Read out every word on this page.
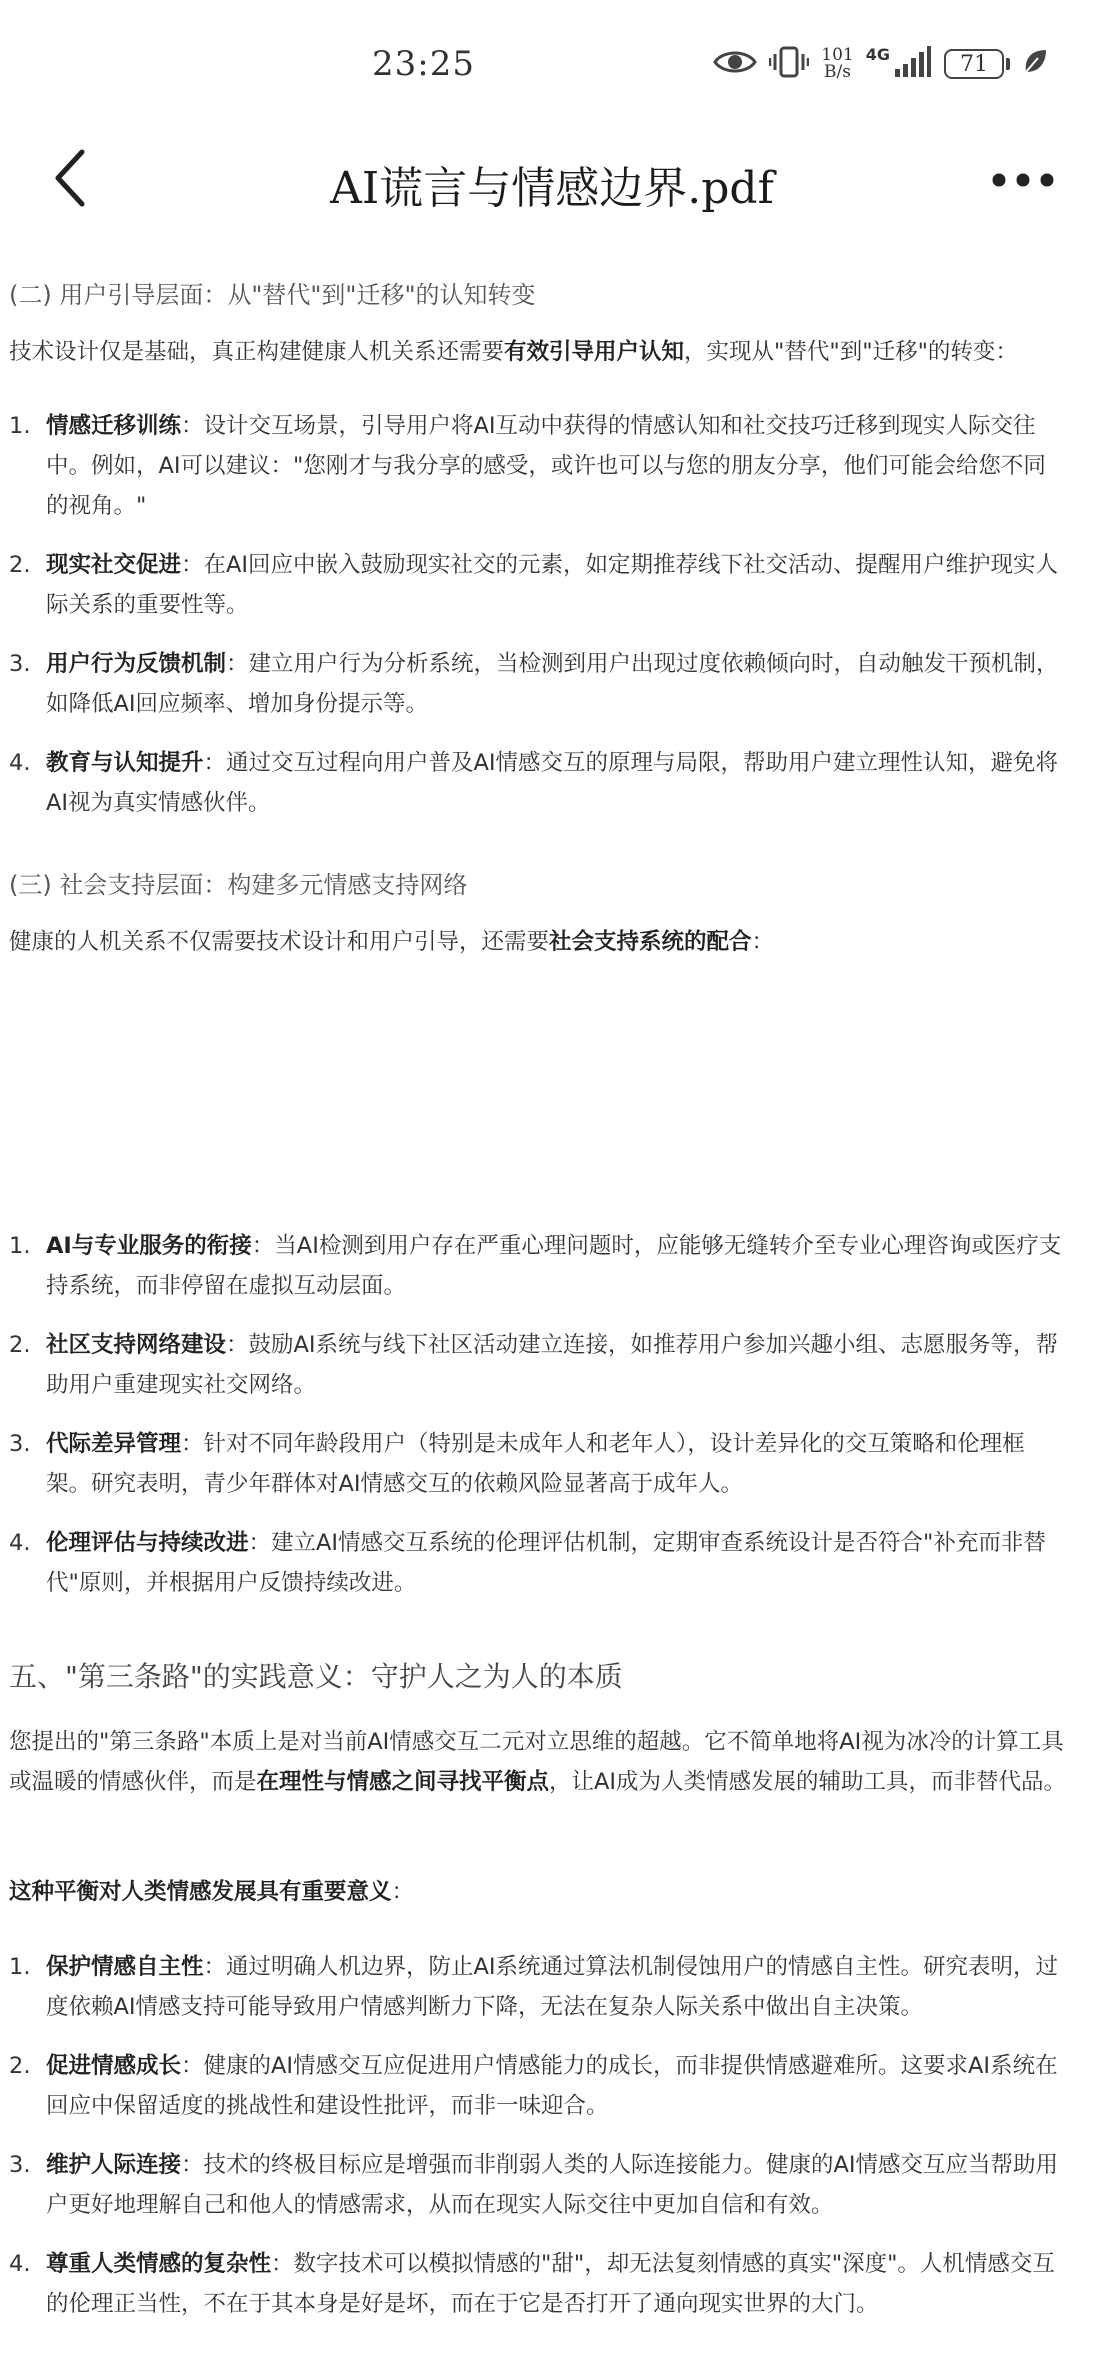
23:25	101
B/s
4G	71
AI谎言与情感边界.pdf
(二) 用户引导层面：从"替代"到"迁移"的认知转变
技术设计仅是基础，真正构建健康人机关系还需要有效引导用户认知，实现从"替代"到"迁移"的转变：
1. 情感迁移训练：设计交互场景，引导用户将AI互动中获得的情感认知和社交技巧迁移到现实人际交往中。例如，AI可以建议："您刚才与我分享的感受，或许也可以与您的朋友分享，他们可能会给您不同的视角。"
2. 现实社交促进：在AI回应中嵌入鼓励现实社交的元素，如定期推荐线下社交活动、提醒用户维护现实人际关系的重要性等。
3. 用户行为反馈机制：建立用户行为分析系统，当检测到用户出现过度依赖倾向时，自动触发干预机制，如降低AI回应频率、增加身份提示等。
4. 教育与认知提升：通过交互过程向用户普及AI情感交互的原理与局限，帮助用户建立理性认知，避免将AI视为真实情感伙伴。
(三) 社会支持层面：构建多元情感支持网络
健康的人机关系不仅需要技术设计和用户引导，还需要社会支持系统的配合：
1. AI与专业服务的衔接：当AI检测到用户存在严重心理问题时，应能够无缝转介至专业心理咨询或医疗支持系统，而非停留在虚拟互动层面。
2. 社区支持网络建设：鼓励AI系统与线下社区活动建立连接，如推荐用户参加兴趣小组、志愿服务等，帮助用户重建现实社交网络。
3. 代际差异管理：针对不同年龄段用户（特别是未成年人和老年人），设计差异化的交互策略和伦理框架。研究表明，青少年群体对AI情感交互的依赖风险显著高于成年人。
4. 伦理评估与持续改进：建立AI情感交互系统的伦理评估机制，定期审查系统设计是否符合"补充而非替代"原则，并根据用户反馈持续改进。
五、"第三条路"的实践意义：守护人之为人的本质
您提出的"第三条路"本质上是对当前AI情感交互二元对立思维的超越。它不简单地将AI视为冰冷的计算工具或温暖的情感伙伴，而是在理性与情感之间寻找平衡点，让AI成为人类情感发展的辅助工具，而非替代品。
这种平衡对人类情感发展具有重要意义：
1. 保护情感自主性：通过明确人机边界，防止AI系统通过算法机制侵蚀用户的情感自主性。研究表明，过度依赖AI情感支持可能导致用户情感判断力下降，无法在复杂人际关系中做出自主决策。
2. 促进情感成长：健康的AI情感交互应促进用户情感能力的成长，而非提供情感避难所。这要求AI系统在回应中保留适度的挑战性和建设性批评，而非一味迎合。
3. 维护人际连接：技术的终极目标应是增强而非削弱人类的人际连接能力。健康的AI情感交互应当帮助用户更好地理解自己和他人的情感需求，从而在现实人际交往中更加自信和有效。
4. 尊重人类情感的复杂性：数字技术可以模拟情感的"甜"，却无法复刻情感的真实"深度"。人机情感交互的伦理正当性，不在于其本身是好是坏，而在于它是否打开了通向现实世界的大门。
